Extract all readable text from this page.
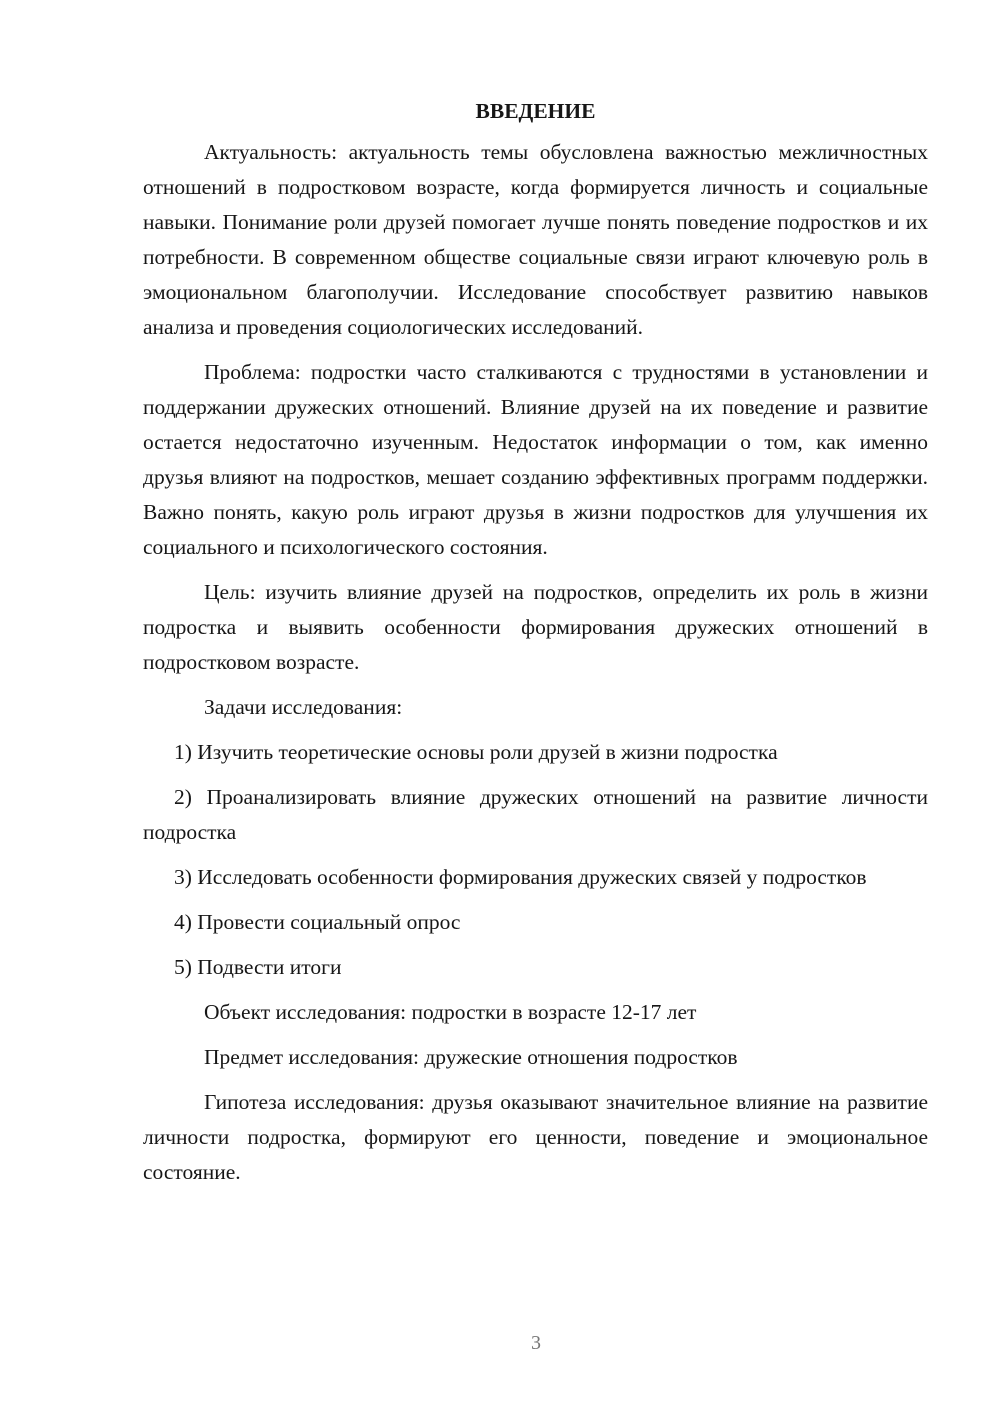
ВВЕДЕНИЕ

Актуальность: актуальность темы обусловлена важностью межличностных отношений в подростковом возрасте, когда формируется личность и социальные навыки. Понимание роли друзей помогает лучше понять поведение подростков и их потребности. В современном обществе социальные связи играют ключевую роль в эмоциональном благополучии. Исследование способствует развитию навыков анализа и проведения социологических исследований.

Проблема: подростки часто сталкиваются с трудностями в установлении и поддержании дружеских отношений. Влияние друзей на их поведение и развитие остается недостаточно изученным. Недостаток информации о том, как именно друзья влияют на подростков, мешает созданию эффективных программ поддержки. Важно понять, какую роль играют друзья в жизни подростков для улучшения их социального и психологического состояния.

Цель: изучить влияние друзей на подростков, определить их роль в жизни подростка и выявить особенности формирования дружеских отношений в подростковом возрасте.

Задачи исследования:

1) Изучить теоретические основы роли друзей в жизни подростка

2) Проанализировать влияние дружеских отношений на развитие личности подростка

3) Исследовать особенности формирования дружеских связей у подростков

4) Провести социальный опрос

5) Подвести итоги

Объект исследования: подростки в возрасте 12-17 лет

Предмет исследования: дружеские отношения подростков

Гипотеза исследования: друзья оказывают значительное влияние на развитие личности подростка, формируют его ценности, поведение и эмоциональное состояние.

3
